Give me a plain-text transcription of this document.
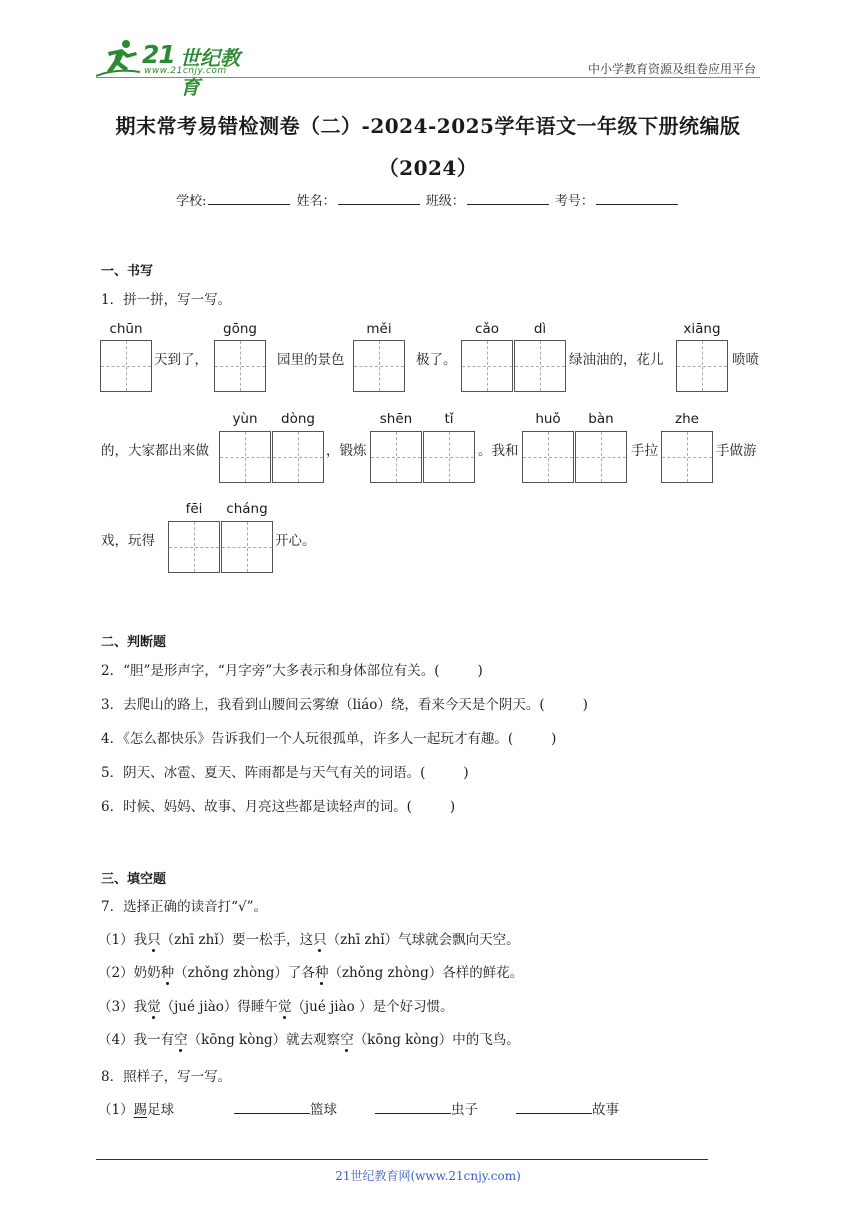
21 世纪教育
www.21cnjy.com	中小学教育资源及组卷应用平台
期末常考易错检测卷（二）-2024-2025学年语文一年级下册统编版
（2024）
学校:	姓名：	班级：	考号：
一、书写
1．拼一拼，写一写。
chūn
天到了，
gōng
园里的景色
měi
极了。
cǎo	dì
绿油油的，花儿
xiāng
喷喷
的，大家都出来做
yùn	dòng
，锻炼
shēn	tǐ
。我和
huǒ	bàn
手拉
zhe
手做游
戏，玩得
fēi	cháng
开心。
二、判断题
2．“胆”是形声字，“月字旁”大多表示和身体部位有关。(	)
3．去爬山的路上，我看到山腰间云雾缭（liáo）绕，看来今天是个阴天。(	)
4．《怎么都快乐》告诉我们一个人玩很孤单，许多人一起玩才有趣。(	)
5．阴天、冰雹、夏天、阵雨都是与天气有关的词语。(	)
6．时候、妈妈、故事、月亮这些都是读轻声的词。(	)
三、填空题
7．选择正确的读音打“√”。
（1）我只（zhī zhǐ）要一松手，这只（zhī zhǐ）气球就会飘向天空。
（2）奶奶种（zhǒng zhòng）了各种（zhǒng zhòng）各样的鲜花。
（3）我觉（jué jiào）得睡午觉（jué jiào ）是个好习惯。
（4）我一有空（kōng kòng）就去观察空（kōng kòng）中的飞鸟。
8．照样子，写一写。
（1）踢足球	篮球	虫子	故事
21世纪教育网(www.21cnjy.com)
